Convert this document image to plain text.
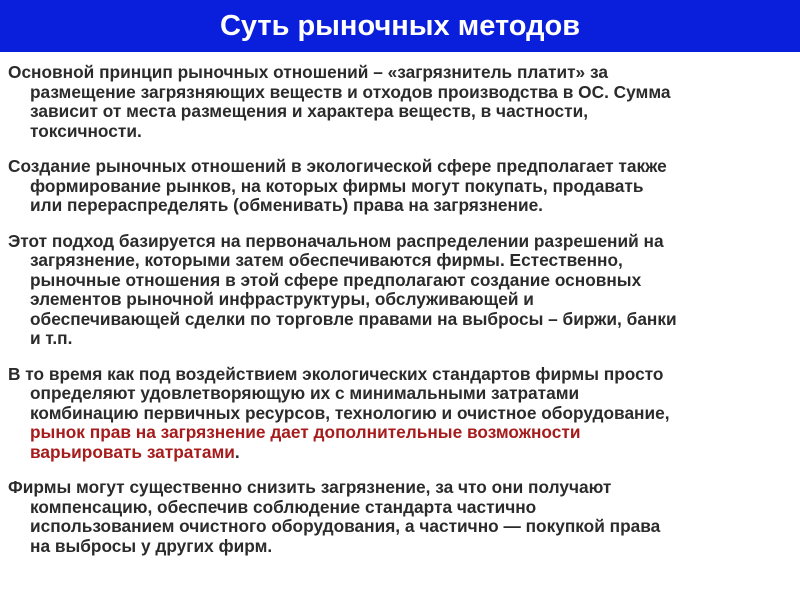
Суть рыночных методов

Основной принцип рыночных отношений – «загрязнитель платит» за
размещение загрязняющих веществ и отходов производства в ОС. Сумма
зависит от места размещения и характера веществ, в частности,
токсичности.

Создание рыночных отношений в экологической сфере предполагает также
формирование рынков, на которых фирмы могут покупать, продавать
или перераспределять (обменивать) права на загрязнение.

Этот подход базируется на первоначальном распределении разрешений на
загрязнение, которыми затем обеспечиваются фирмы. Естественно,
рыночные отношения в этой сфере предполагают создание основных
элементов рыночной инфраструктуры, обслуживающей и
обеспечивающей сделки по торговле правами на выбросы – биржи, банки
и т.п.

В то время как под воздействием экологических стандартов фирмы просто
определяют удовлетворяющую их с минимальными затратами
комбинацию первичных ресурсов, технологию и очистное оборудование,
рынок прав на загрязнение дает дополнительные возможности
варьировать затратами.

Фирмы могут существенно снизить загрязнение, за что они получают
компенсацию, обеспечив соблюдение стандарта частично
использованием очистного оборудования, а частично — покупкой права
на выбросы у других фирм.
